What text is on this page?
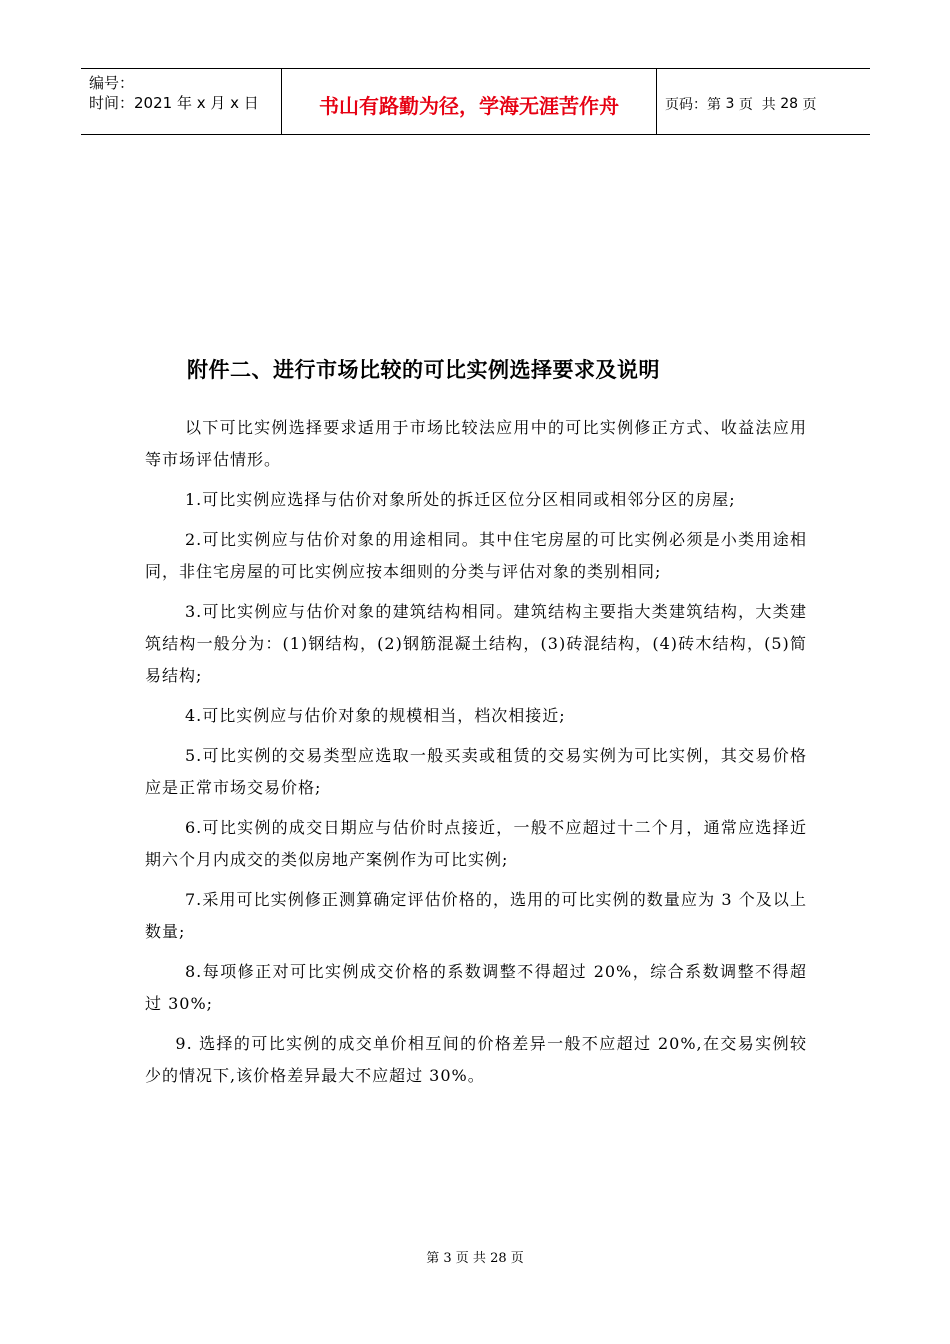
编号：
时间：2021 年 x 月 x 日	书山有路勤为径，学海无涯苦作舟	页码：第 3 页  共 28 页
附件二、进行市场比较的可比实例选择要求及说明

以下可比实例选择要求适用于市场比较法应用中的可比实例修正方式、收益法应用等市场评估情形。

1.可比实例应选择与估价对象所处的拆迁区位分区相同或相邻分区的房屋;

2.可比实例应与估价对象的用途相同。其中住宅房屋的可比实例必须是小类用途相同，非住宅房屋的可比实例应按本细则的分类与评估对象的类别相同;

3.可比实例应与估价对象的建筑结构相同。建筑结构主要指大类建筑结构，大类建筑结构一般分为：(1)钢结构，(2)钢筋混凝土结构，(3)砖混结构，(4)砖木结构，(5)简易结构;

4.可比实例应与估价对象的规模相当，档次相接近;

5.可比实例的交易类型应选取一般买卖或租赁的交易实例为可比实例，其交易价格应是正常市场交易价格;

6.可比实例的成交日期应与估价时点接近，一般不应超过十二个月，通常应选择近期六个月内成交的类似房地产案例作为可比实例;

7.采用可比实例修正测算确定评估价格的，选用的可比实例的数量应为 3 个及以上数量;

8.每项修正对可比实例成交价格的系数调整不得超过 20%，综合系数调整不得超过 30%;

9. 选择的可比实例的成交单价相互间的价格差异一般不应超过 20%,在交易实例较少的情况下,该价格差异最大不应超过 30%。

第 3 页 共 28 页
